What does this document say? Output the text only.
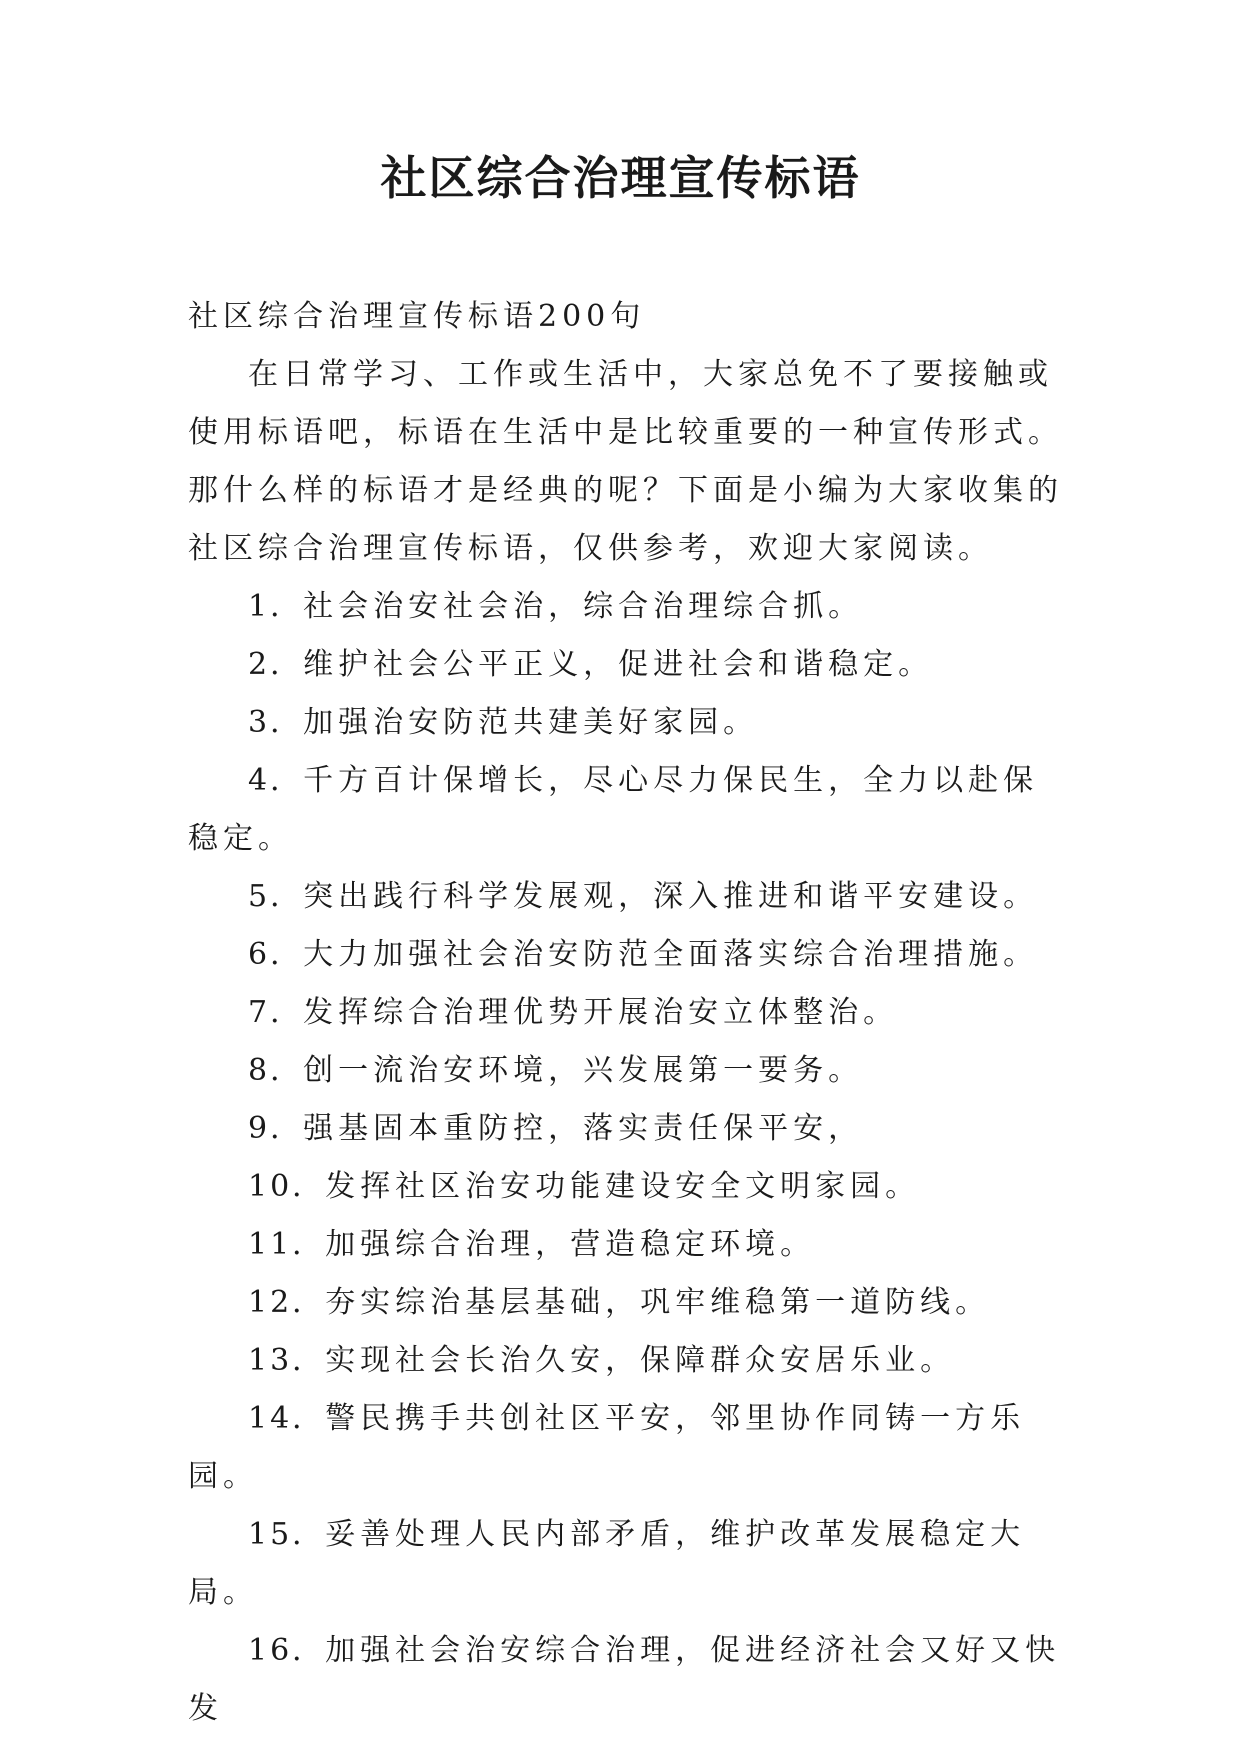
社区综合治理宣传标语

社区综合治理宣传标语200句

在日常学习、工作或生活中，大家总免不了要接触或使用标语吧，标语在生活中是比较重要的一种宣传形式。那什么样的标语才是经典的呢？下面是小编为大家收集的社区综合治理宣传标语，仅供参考，欢迎大家阅读。

1．社会治安社会治，综合治理综合抓。
2．维护社会公平正义，促进社会和谐稳定。
3．加强治安防范共建美好家园。
4．千方百计保增长，尽心尽力保民生，全力以赴保稳定。
5．突出践行科学发展观，深入推进和谐平安建设。
6．大力加强社会治安防范全面落实综合治理措施。
7．发挥综合治理优势开展治安立体整治。
8．创一流治安环境，兴发展第一要务。
9．强基固本重防控，落实责任保平安，
10．发挥社区治安功能建设安全文明家园。
11．加强综合治理，营造稳定环境。
12．夯实综治基层基础，巩牢维稳第一道防线。
13．实现社会长治久安，保障群众安居乐业。
14．警民携手共创社区平安，邻里协作同铸一方乐园。
15．妥善处理人民内部矛盾，维护改革发展稳定大局。
16．加强社会治安综合治理，促进经济社会又好又快发
